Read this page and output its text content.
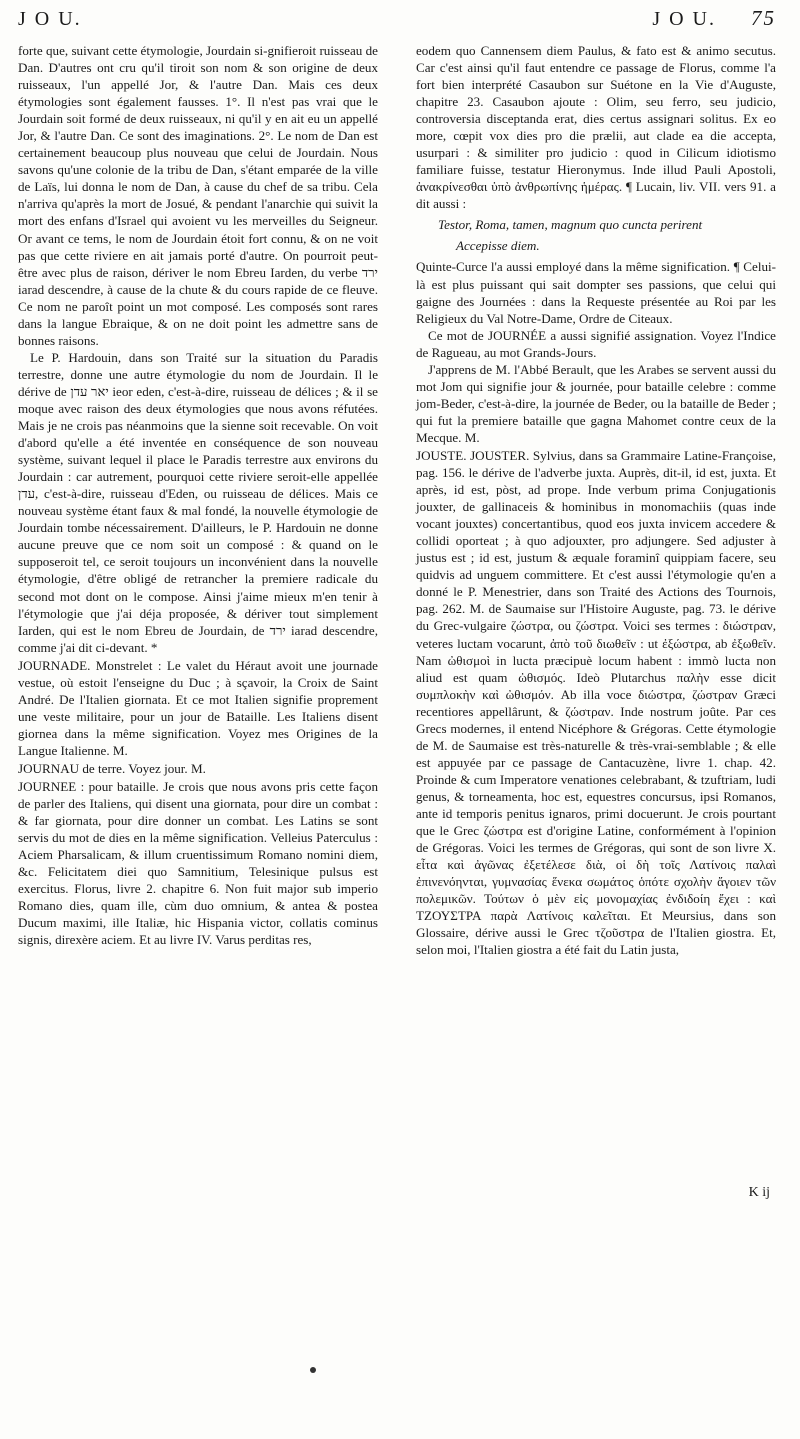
J O U.

forte que, suivant cette étymologie, Jourdain si-gnifieroit ruisseau de Dan. D'autres ont cru qu'il tiroit son nom & son origine de deux ruisseaux, l'un appellé Jor, & l'autre Dan. Mais ces deux étymologies sont également fausses. 1°. Il n'est pas vrai que le Jourdain soit formé de deux ruisseaux, ni qu'il y en ait eu un appellé Jor, & l'autre Dan. Ce sont des imaginations. 2°. Le nom de Dan est certainement beaucoup plus nouveau que celui de Jourdain. Nous savons qu'une colonie de la tribu de Dan, s'étant emparée de la ville de Laïs, lui donna le nom de Dan, à cause du chef de sa tribu. Cela n'arriva qu'après la mort de Josué, & pendant l'anarchie qui suivit la mort des enfans d'Israel qui avoient vu les merveilles du Seigneur. Or avant ce tems, le nom de Jourdain étoit fort connu, & on ne voit pas que cette riviere en ait jamais porté d'autre. On pourroit peut-être avec plus de raison, dériver le nom Ebreu Iarden, du verbe ירד iarad descendre, à cause de la chute & du cours rapide de ce fleuve. Ce nom ne paroît point un mot composé. Les composés sont rares dans la langue Ebraique, & on ne doit point les admettre sans de bonnes raisons.

Le P. Hardouin, dans son Traité sur la situation du Paradis terrestre, donne une autre étymologie du nom de Jourdain. Il le dérive de יאר עדן ieor eden, c'est-à-dire, ruisseau de délices ; & il se moque avec raison des deux étymologies que nous avons réfutées. Mais je ne crois pas néanmoins que la sienne soit recevable. On voit d'abord qu'elle a été inventée en conséquence de son nouveau système, suivant lequel il place le Paradis terrestre aux environs du Jourdain : car autrement, pourquoi cette riviere seroit-elle appellée עדן, c'est-à-dire, ruisseau d'Eden, ou ruisseau de délices. Mais ce nouveau système étant faux & mal fondé, la nouvelle étymologie de Jourdain tombe nécessairement. D'ailleurs, le P. Hardouin ne donne aucune preuve que ce nom soit un composé : & quand on le supposeroit tel, ce seroit toujours un inconvénient dans la nouvelle étymologie, d'être obligé de retrancher la premiere radicale du second mot dont on le compose. Ainsi j'aime mieux m'en tenir à l'étymologie que j'ai déja proposée, & dériver tout simplement Iarden, qui est le nom Ebreu de Jourdain, de ירד iarad descendre, comme j'ai dit ci-devant. *

JOURNADE. Monstrelet : Le valet du Héraut avoit une journade vestue, où estoit l'enseigne du Duc ; à sçavoir, la Croix de Saint André. De l'Italien giornata. Et ce mot Italien signifie proprement une veste militaire, pour un jour de Bataille. Les Italiens disent giornea dans la même signification. Voyez mes Origines de la Langue Italienne. M.

JOURNAU de terre. Voyez jour. M.

JOURNEE : pour bataille. Je crois que nous avons pris cette façon de parler des Italiens, qui disent una giornata, pour dire un combat : & far giornata, pour dire donner un combat. Les Latins se sont servis du mot de dies en la même signification. Velleius Paterculus : Aciem Pharsalicam, & illum cruentissimum Romano nomini diem, &c. Felicitatem diei quo Samnitium, Telesinique pulsus est exercitus. Florus, livre 2. chapitre 6. Non fuit major sub imperio Romano dies, quam ille, cùm duo omnium, & antea & postea Ducum maximi, ille Italiæ, hic Hispania victor, collatis cominus signis, direxère aciem. Et au livre IV. Varus perditas res,

J O U. 75

eodem quo Cannensem diem Paulus, & fato est & animo secutus. Car c'est ainsi qu'il faut entendre ce passage de Florus, comme l'a fort bien interprété Casaubon sur Suétone en la Vie d'Auguste, chapitre 23. Casaubon ajoute : Olim, seu ferro, seu judicio, controversia disceptanda erat, dies certus assignari solitus. Ex eo more, cœpit vox dies pro die prælii, aut clade ea die accepta, usurpari : & similiter pro judicio : quod in Cilicum idiotismo familiare fuisse, testatur Hieronymus. Inde illud Pauli Apostoli, ἀνακρίνεσθαι ὑπὸ ἀνθρωπίνης ἡμέρας. ¶ Lucain, liv. VII. vers 91. a dit aussi :

Testor, Roma, tamen, magnum quo cuncta perirent

Accepisse diem.

Quinte-Curce l'a aussi employé dans la même signification. ¶ Celui-là est plus puissant qui sait dompter ses passions, que celui qui gaigne des Journées : dans la Requeste présentée au Roi par les Religieux du Val Notre-Dame, Ordre de Citeaux.

Ce mot de JOURNÉE a aussi signifié assignation. Voyez l'Indice de Ragueau, au mot Grands-Jours.

J'apprens de M. l'Abbé Berault, que les Arabes se servent aussi du mot Jom qui signifie jour & journée, pour bataille celebre : comme jom-Beder, c'est-à-dire, la journée de Beder, ou la bataille de Beder ; qui fut la premiere bataille que gagna Mahomet contre ceux de la Mecque. M.

JOUSTE. JOUSTER. Sylvius, dans sa Grammaire Latine-Françoise, pag. 156. le dérive de l'adverbe juxta. Auprès, dit-il, id est, juxta. Et après, id est, pòst, ad prope. Inde verbum prima Conjugationis jouxter, de gallinaceis & hominibus in monomachiis (quas inde vocant jouxtes) concertantibus, quod eos juxta invicem accedere & collidi oporteat ; à quo adjouxter, pro adjungere. Sed adjuster à justus est ; id est, justum & æquale foraminî quippiam facere, seu quidvis ad unguem committere. Et c'est aussi l'étymologie qu'en a donné le P. Menestrier, dans son Traité des Actions des Tournois, pag. 262. M. de Saumaise sur l'Histoire Auguste, pag. 73. le dérive du Grec-vulgaire ζώστρα, ou ζώστρα. Voici ses termes : διώστραν, veteres luctam vocarunt, ἀπὸ τοῦ διωθεῖν : ut ἐξώστρα, ab ἐξωθεῖν. Nam ὠθισμοὶ in lucta præcipuè locum habent : immò lucta non aliud est quam ὠθισμός. Ideò Plutarchus παλὴν esse dicit συμπλοκὴν καὶ ὠθισμόν. Ab illa voce διώστρα, ζώστραν Græci recentiores appellârunt, & ζώστραν. Inde nostrum joûte. Par ces Grecs modernes, il entend Nicéphore & Grégoras. Cette étymologie de M. de Saumaise est très-naturelle & très-vrai-semblable ; & elle est appuyée par ce passage de Cantacuzène, livre 1. chap. 42. Proinde & cum Imperatore venationes celebrabant, & tzuftriam, ludi genus, & torneamenta, hoc est, equestres concursus, ipsi Romanos, ante id temporis penitus ignaros, primi docuerunt. Je crois pourtant que le Grec ζώστρα est d'origine Latine, conformément à l'opinion de Grégoras. Voici les termes de Grégoras, qui sont de son livre X. εἶτα καὶ ἀγῶνας ἐξετέλεσε διὰ, οἱ δὴ τοῖς Λατίνοις παλαὶ ἐπινενόηνται, γυμνασίας ἕνεκα σωμάτος ὁπότε σχολὴν ἄγοιεν τῶν πολεμικῶν. Τούτων ὁ μὲν εἰς μονομαχίας ἐνδιδοίη ἔχει : καὶ ΤΖΟΥΣΤΡΑ παρὰ Λατίνοις καλεῖται. Et Meursius, dans son Glossaire, dérive aussi le Grec τζοῦστρα de l'Italien giostra. Et, selon moi, l'Italien giostra a été fait du Latin justa,

K ij
